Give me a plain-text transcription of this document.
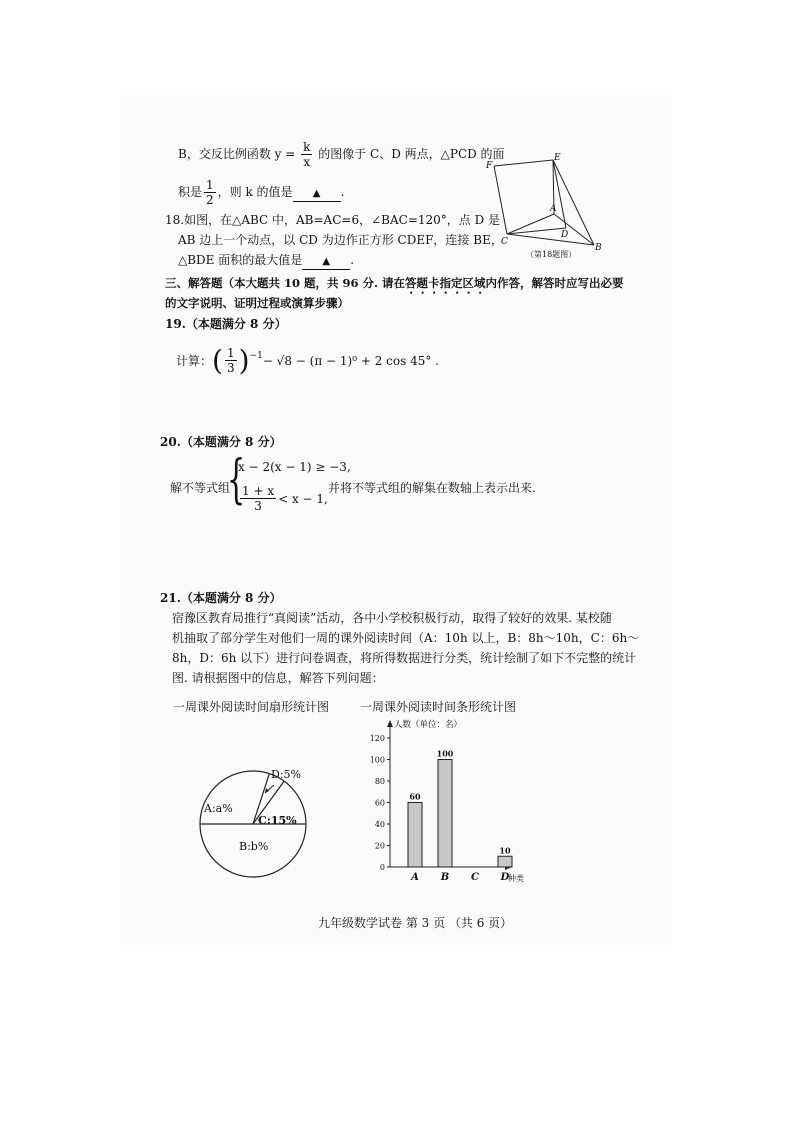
B，交反比例函数 $y = \frac{k}{x}$ 的图像于 C、D 两点，△PCD 的面
积是 $\frac{1}{2}$ ，则 k 的值是 ▲ .
18.如图，在△ABC 中，AB=AC=6，∠BAC=120°，点 D 是
AB 边上一个动点，以 CD 为边作正方形 CDEF，连接 BE，
△BDE 面积的最大值是 ▲ .
F
E
A
D
C
B
（第18题图）
三、解答题（本大题共 10 题，共 96 分. 请在答题卡指定区域内作答，解答时应写出必要
的文字说明、证明过程或演算步骤）
19.（本题满分 8 分）
计算： ( $\frac{1}{3} )^{-1} - √8 - (\pi - 1)^0 + 2$ cos 45° .
20.（本题满分 8 分）
解不等式组
{
x − 2(x − 1) ≥ −3,
$\frac{1 + x}{3} < x - 1$,
并将不等式组的解集在数轴上表示出来.
21.（本题满分 8 分）
宿豫区教育局推行“真阅读”活动，各中小学校积极行动，取得了较好的效果. 某校随
机抽取了部分学生对他们一周的课外阅读时间（A：10h 以上，B：8h～10h，C：6h～
8h，D：6h 以下）进行问卷调查，将所得数据进行分类，统计绘制了如下不完整的统计
图. 请根据图中的信息，解答下列问题：
一周课外阅读时间扇形统计图	一周课外阅读时间条形统计图
A:a%
B:b%
C:15%
D:5%
人数（单位：名）
种类
0
20
40
60
80
100
120
60
A
100
B C
10
D
九年级数学试卷 第 3 页 （共 6 页）
